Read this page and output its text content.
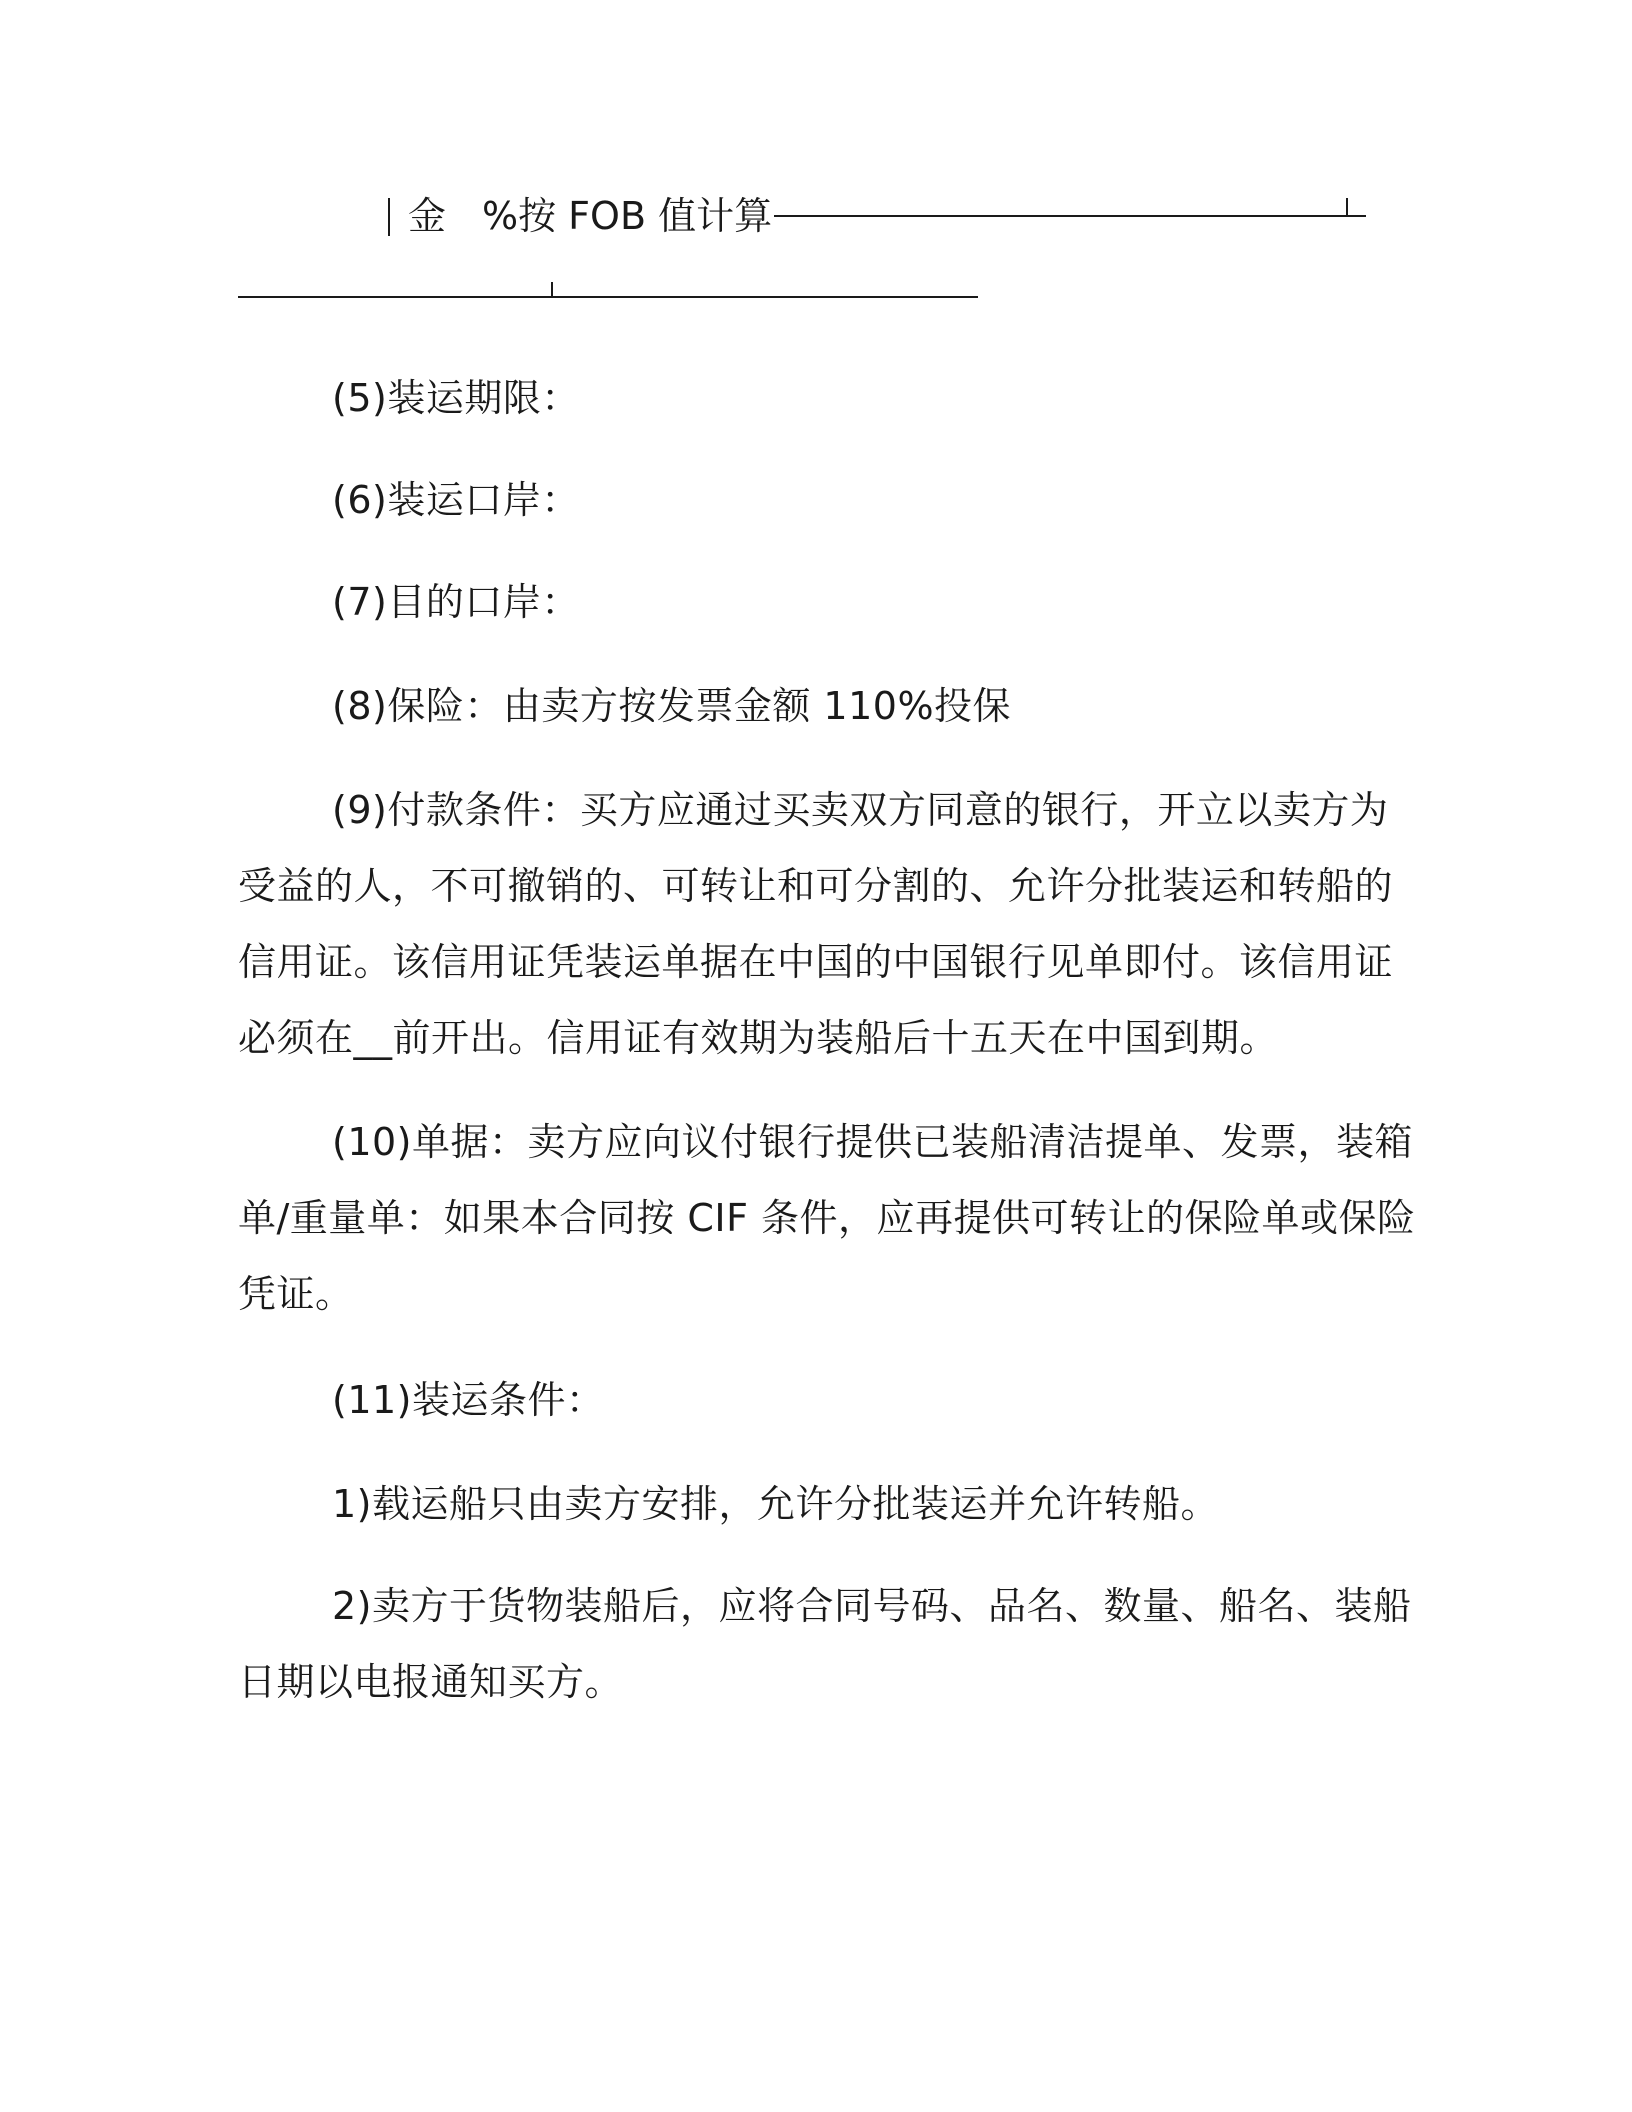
金 %按 FOB 值计算
(5)装运期限：
(6)装运口岸：
(7)目的口岸：
(8)保险：由卖方按发票金额 110%投保
(9)付款条件：买方应通过买卖双方同意的银行，开立以卖方为
受益的人，不可撤销的、可转让和可分割的、允许分批装运和转船的
信用证。该信用证凭装运单据在中国的中国银行见单即付。该信用证
必须在__前开出。信用证有效期为装船后十五天在中国到期。
(10)单据：卖方应向议付银行提供已装船清洁提单、发票，装箱
单/重量单：如果本合同按 CIF 条件，应再提供可转让的保险单或保险
凭证。
(11)装运条件：
1)载运船只由卖方安排，允许分批装运并允许转船。
2)卖方于货物装船后，应将合同号码、品名、数量、船名、装船
日期以电报通知买方。
